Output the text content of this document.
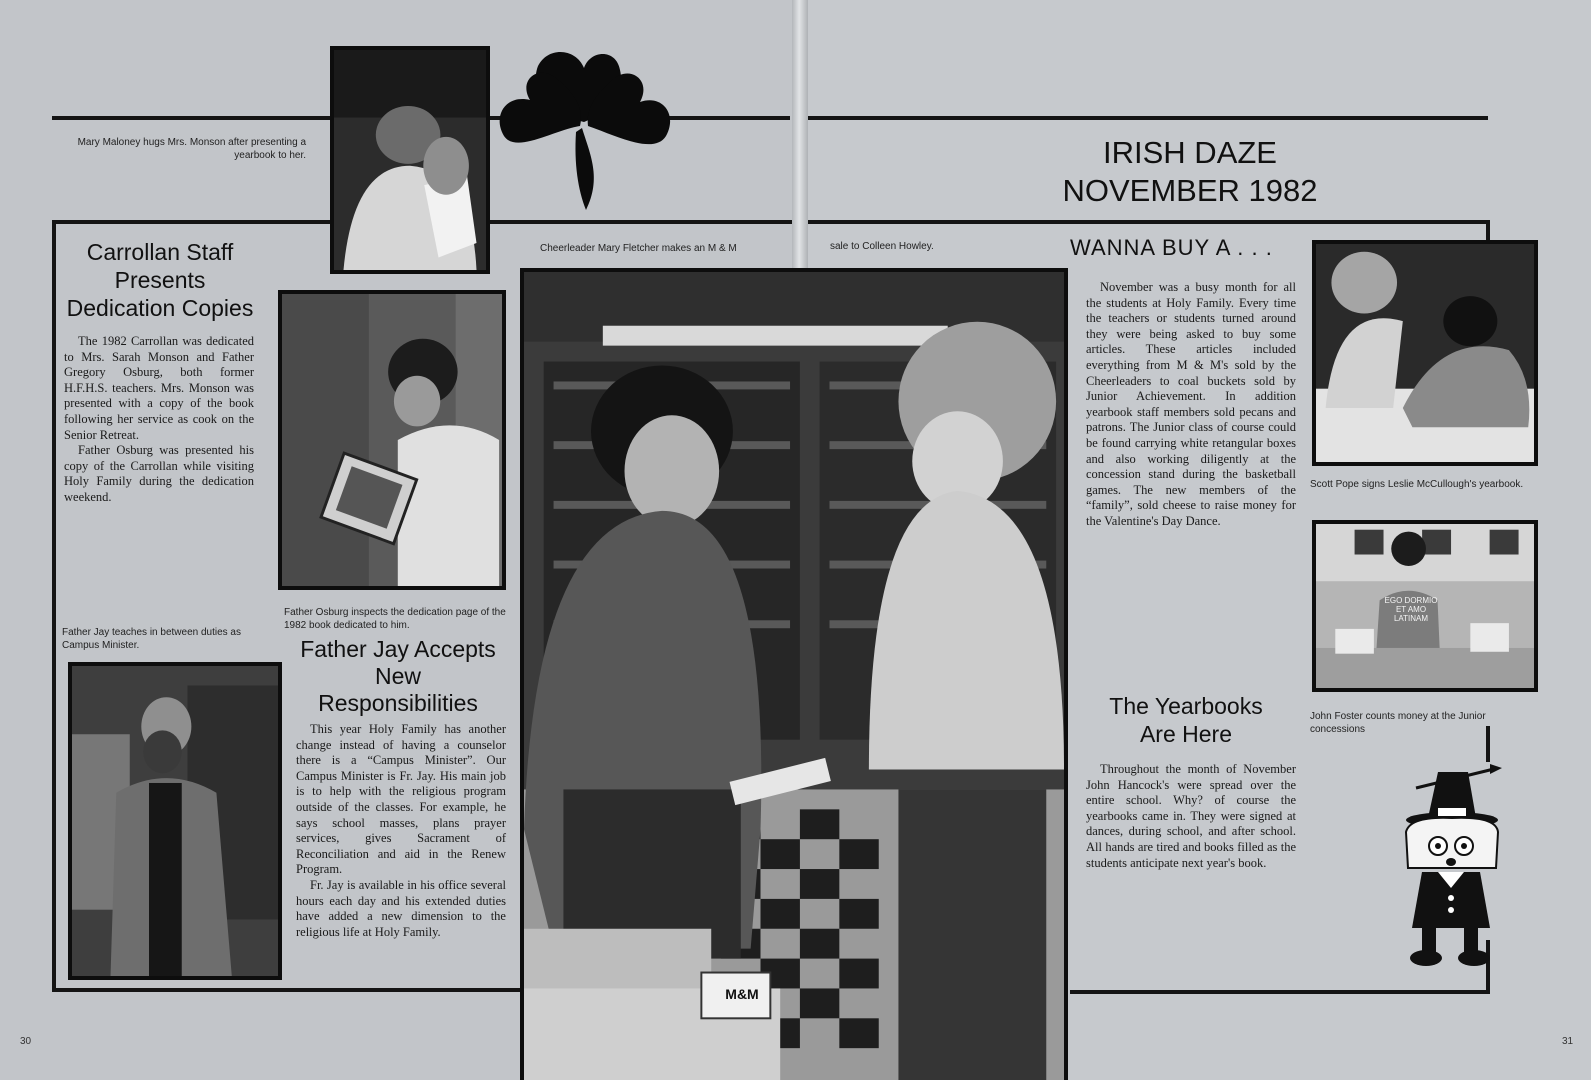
Mary Maloney hugs Mrs. Monson after presenting a yearbook to her.	IRISH DAZE
NOVEMBER 1982
Carrollan Staff Presents Dedication Copies

The 1982 Carrollan was dedicated to Mrs. Sarah Monson and Father Gregory Osburg, both former H.F.H.S. teachers. Mrs. Monson was presented with a copy of the book following her service as cook on the Senior Retreat.

Father Osburg was presented his copy of the Carrollan while visiting Holy Family during the dedication weekend.

Father Osburg inspects the dedication page of the 1982 book dedicated to him.
Father Jay teaches in between duties as Campus Minister.	Father Jay Accepts New Responsibilities

This year Holy Family has another change instead of having a counselor there is a “Campus Minister”. Our Campus Minister is Fr. Jay. His main job is to help with the religious program outside of the classes. For example, he says school masses, plans prayer services, gives Sacrament of Reconciliation and aid in the Renew Program.

Fr. Jay is available in his office several hours each day and his extended duties have added a new dimension to the religious life at Holy Family.

Cheerleader Mary Fletcher makes an M & M	sale to Colleen Howley.
M&M
WANNA BUY A . . .

November was a busy month for all the students at Holy Family. Every time the teachers or students turned around they were being asked to buy some articles. These articles included everything from M & M's sold by the Cheerleaders to coal buckets sold by Junior Achievement. In addition yearbook staff members sold pecans and patrons. The Junior class of course could be found carrying white retangular boxes and also working diligently at the concession stand during the basketball games. The new members of the “family”, sold cheese to raise money for the Valentine's Day Dance.

Scott Pope signs Leslie McCullough's yearbook.
EGO DORMIO ET AMO LATINAM
John Foster counts money at the Junior concessions
The Yearbooks Are Here

Throughout the month of November John Hancock's were spread over the entire school. Why? of course the yearbooks came in. They were signed at dances, during school, and after school. All hands are tired and books filled as the students anticipate next year's book.

30	31
